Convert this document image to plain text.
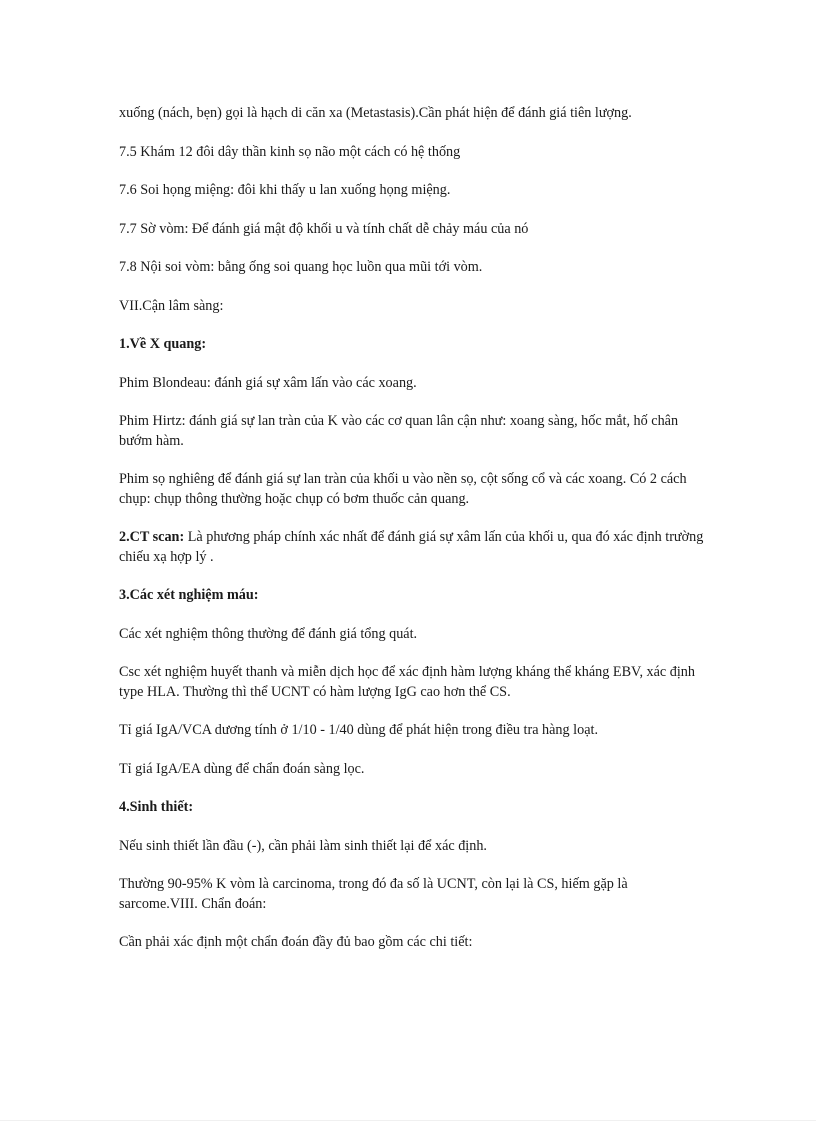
xuống (nách, bẹn) gọi là hạch di căn xa (Metastasis).Cần phát hiện để đánh giá tiên lượng.

7.5 Khám 12 đôi dây thần kinh sọ não một cách có hệ thống

7.6 Soi họng miệng: đôi khi thấy u lan xuống họng miệng.

7.7 Sờ vòm: Để đánh giá mật độ khối u và tính chất dễ chảy máu của nó

7.8 Nội soi vòm: bằng ống soi quang học luồn qua mũi tới vòm.

VII.Cận lâm sàng:

1.Về X quang:

Phim Blondeau: đánh giá sự xâm lấn vào các xoang.

Phim Hirtz: đánh giá sự lan tràn của K vào các cơ quan lân cận như: xoang sàng, hốc mắt, hố chân bướm hàm.

Phim sọ nghiêng để đánh giá sự lan tràn của khối u vào nền sọ, cột sống cổ và các xoang. Có 2 cách chụp: chụp thông thường hoặc chụp có bơm thuốc cản quang.

2.CT scan: Là phương pháp chính xác nhất để đánh giá sự xâm lấn của khối u, qua đó xác định trường chiếu xạ hợp lý .

3.Các xét nghiệm máu:

Các xét nghiệm thông thường để đánh giá tổng quát.

Csc xét nghiệm huyết thanh và miễn dịch học để xác định hàm lượng kháng thể kháng EBV, xác định type HLA. Thường thì thể UCNT có hàm lượng IgG cao hơn thể CS.

Tỉ giá IgA/VCA dương tính ở 1/10 - 1/40 dùng để phát hiện trong điều tra hàng loạt.

Tỉ giá IgA/EA dùng để chẩn đoán sàng lọc.

4.Sinh thiết:

Nếu sinh thiết lần đầu (-), cần phải làm sinh thiết lại để xác định.

Thường 90-95% K vòm là carcinoma, trong đó đa số là UCNT, còn lại là CS, hiếm gặp là sarcome.VIII. Chẩn đoán:

Cần phải xác định một chẩn đoán đầy đủ bao gồm các chi tiết:
